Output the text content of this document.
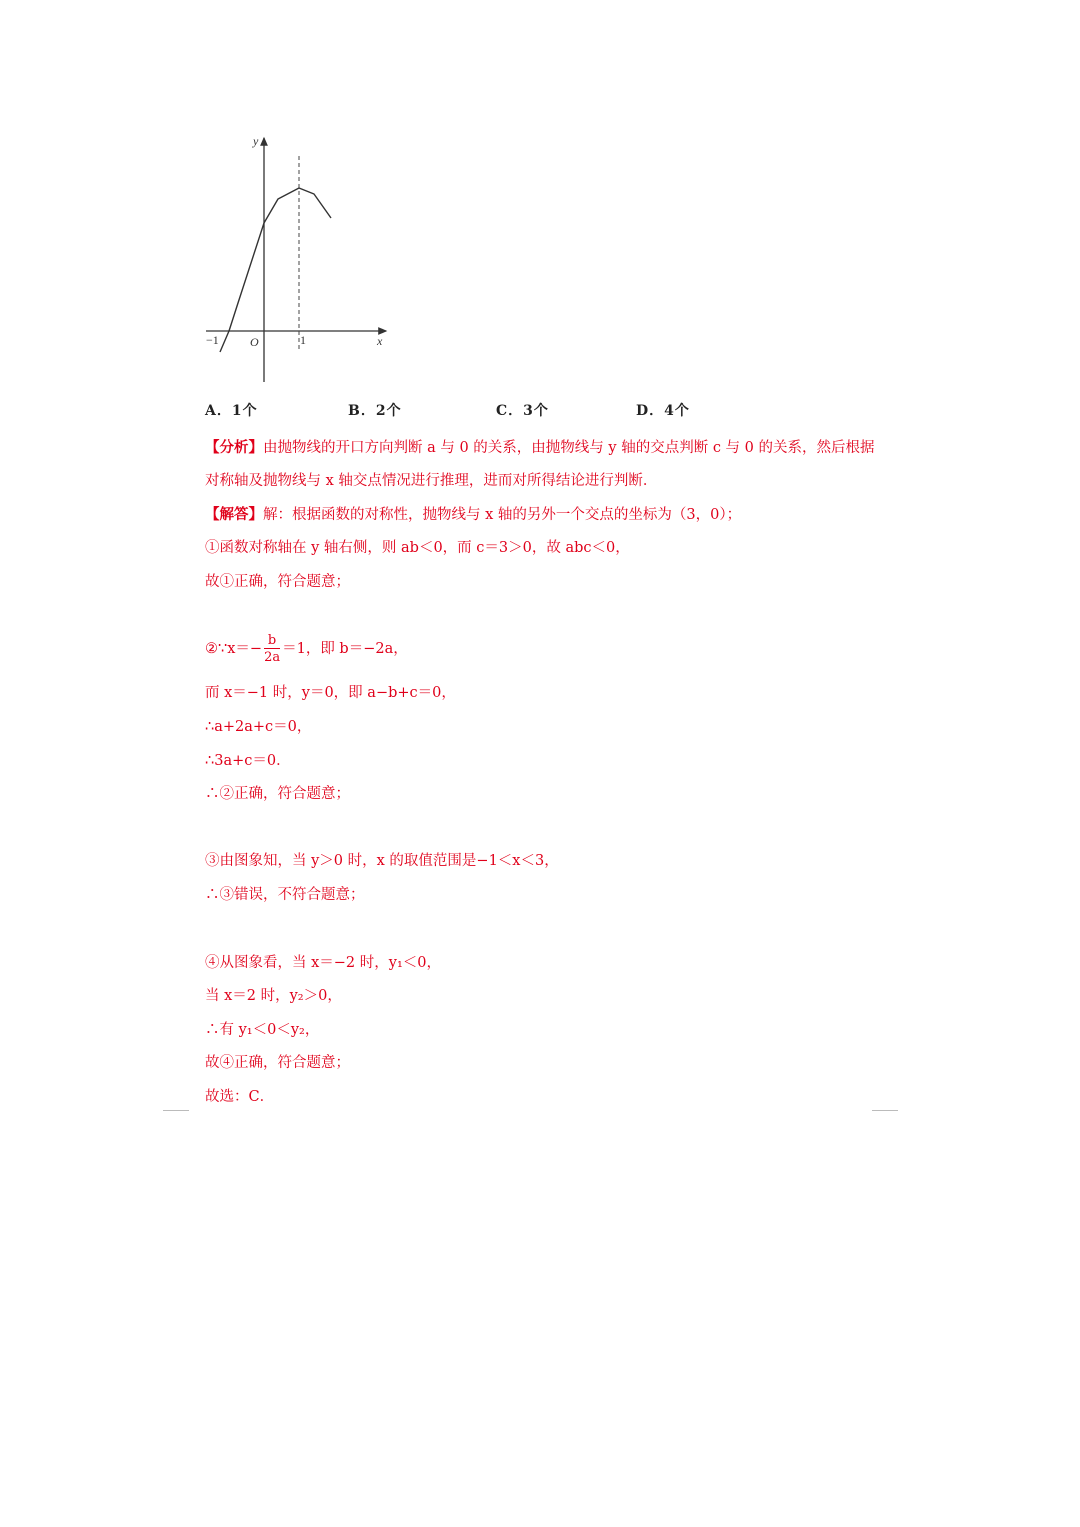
y
x
O
−1	1
A．1个	B．2个	C．3个	D．4个
【分析】由抛物线的开口方向判断 a 与 0 的关系，由抛物线与 y 轴的交点判断 c 与 0 的关系，然后根据
对称轴及抛物线与 x 轴交点情况进行推理，进而对所得结论进行判断．
【解答】解：根据函数的对称性，抛物线与 x 轴的另外一个交点的坐标为（3，0）；
①函数对称轴在 y 轴右侧，则 ab＜0，而 c＝3＞0，故 abc＜0，
故①正确，符合题意；
②∵x＝− $\frac{b}{2a} =1$，即 b＝−2a，
而 x＝−1 时，y＝0，即 a−b+c＝0，
∴a+2a+c＝0，
∴3a+c＝0．
∴②正确，符合题意；
③由图象知，当 y＞0 时，x 的取值范围是−1＜x＜3，
∴③错误，不符合题意；
④从图象看，当 x＝−2 时，y₁＜0，
当 x＝2 时，y₂＞0，
∴有 y₁＜0＜y₂，
故④正确，符合题意；
故选：C．
